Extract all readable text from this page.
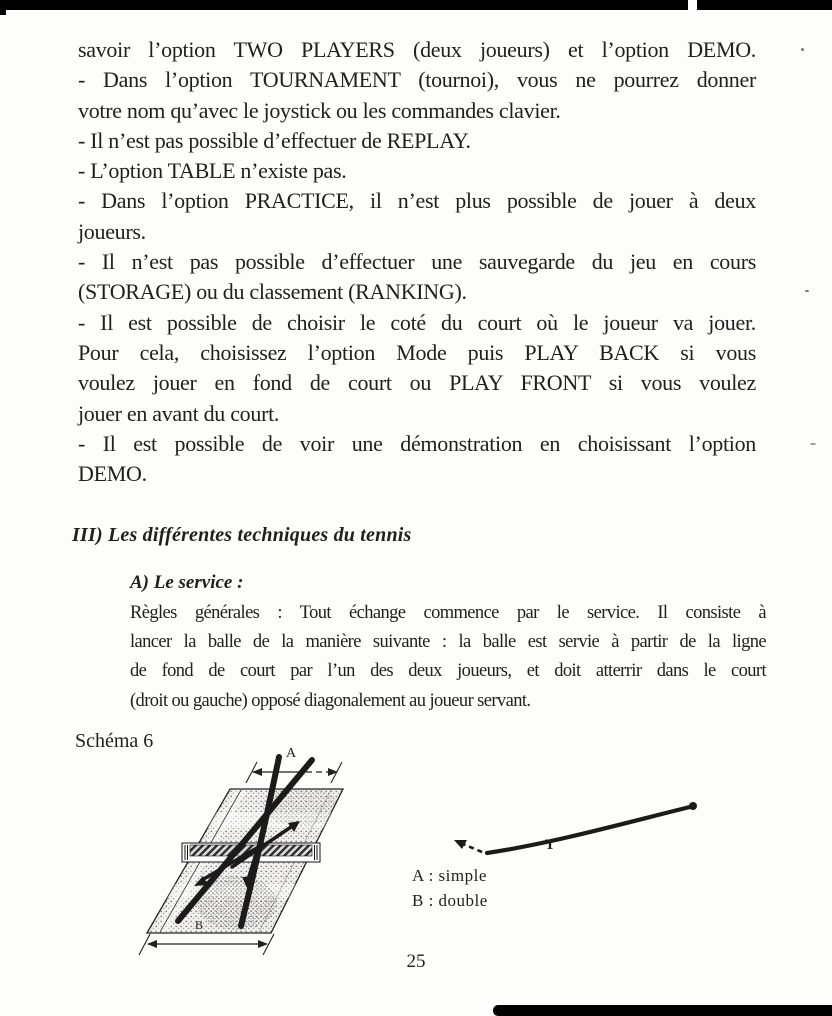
savoir l’option TWO PLAYERS (deux joueurs) et l’option DEMO.
- Dans l’option TOURNAMENT (tournoi), vous ne pourrez donner
votre nom qu’avec le joystick ou les commandes clavier.
- Il n’est pas possible d’effectuer de REPLAY.
- L’option TABLE n’existe pas.
- Dans l’option PRACTICE, il n’est plus possible de jouer à deux
joueurs.
- Il n’est pas possible d’effectuer une sauvegarde du jeu en cours
(STORAGE) ou du classement (RANKING).
- Il est possible de choisir le coté du court où le joueur va jouer.
Pour cela, choisissez l’option Mode puis PLAY BACK si vous
voulez jouer en fond de court ou PLAY FRONT si vous voulez
jouer en avant du court.
- Il est possible de voir une démonstration en choisissant l’option
DEMO.
III) Les différentes techniques du tennis
A) Le service :
Règles générales : Tout échange commence par le service. Il consiste à
lancer la balle de la manière suivante : la balle est servie à partir de la ligne
de fond de court par l’un des deux joueurs, et doit atterrir dans le court
(droit ou gauche) opposé diagonalement au joueur servant.
Schéma 6
A
B
T
A : simple
B : double
25
